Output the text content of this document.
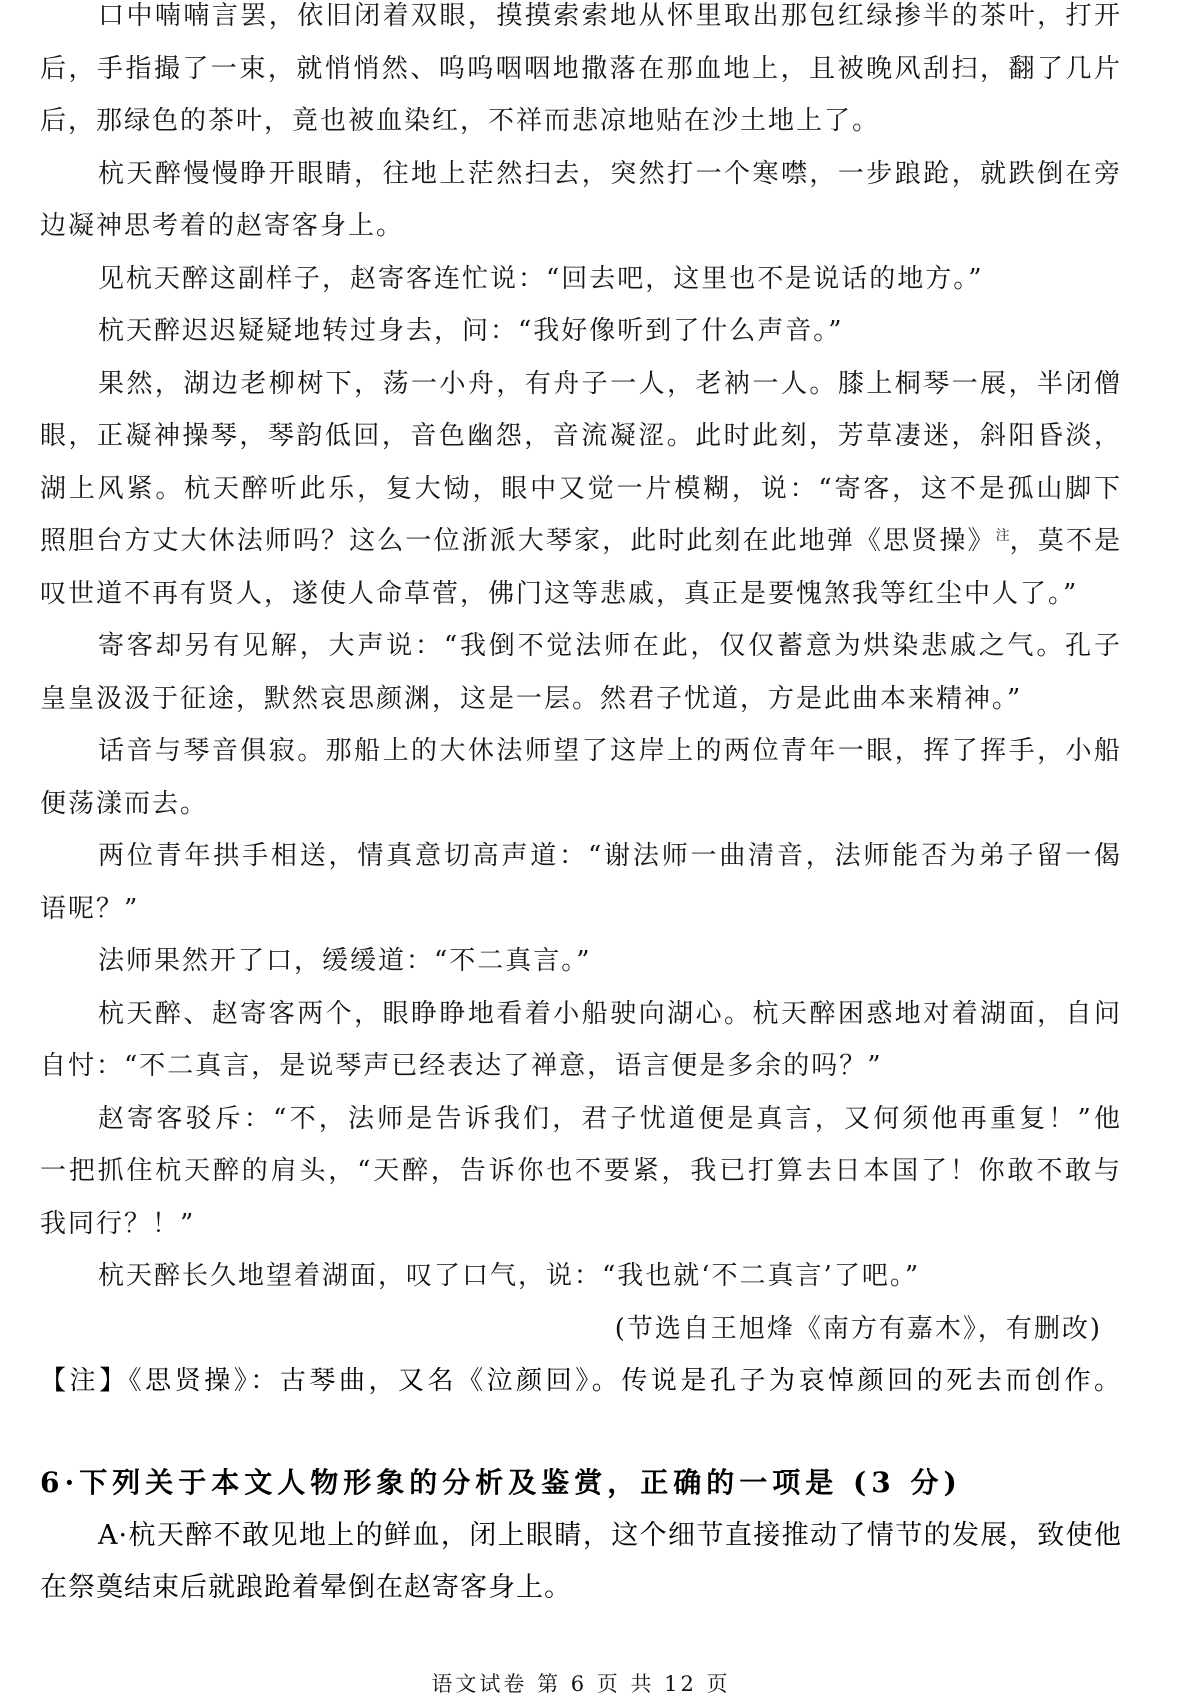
口中喃喃言罢，依旧闭着双眼，摸摸索索地从怀里取出那包红绿掺半的茶叶，打开
后，手指撮了一束，就悄悄然、呜呜咽咽地撒落在那血地上，且被晚风刮扫，翻了几片
后，那绿色的茶叶，竟也被血染红，不祥而悲凉地贴在沙土地上了。
杭天醉慢慢睁开眼睛，往地上茫然扫去，突然打一个寒噤，一步踉跄，就跌倒在旁
边凝神思考着的赵寄客身上。
见杭天醉这副样子，赵寄客连忙说：“回去吧，这里也不是说话的地方。”
杭天醉迟迟疑疑地转过身去，问：“我好像听到了什么声音。”
果然，湖边老柳树下，荡一小舟，有舟子一人，老衲一人。膝上桐琴一展，半闭僧
眼，正凝神操琴，琴韵低回，音色幽怨，音流凝涩。此时此刻，芳草凄迷，斜阳昏淡，
湖上风紧。杭天醉听此乐，复大恸，眼中又觉一片模糊，说：“寄客，这不是孤山脚下
照胆台方丈大休法师吗？这么一位浙派大琴家，此时此刻在此地弹《思贤操》$^注$，莫不是
叹世道不再有贤人，遂使人命草菅，佛门这等悲戚，真正是要愧煞我等红尘中人了。”
寄客却另有见解，大声说：“我倒不觉法师在此，仅仅蓄意为烘染悲戚之气。孔子
皇皇汲汲于征途，默然哀思颜渊，这是一层。然君子忧道，方是此曲本来精神。”
话音与琴音俱寂。那船上的大休法师望了这岸上的两位青年一眼，挥了挥手，小船
便荡漾而去。
两位青年拱手相送，情真意切高声道：“谢法师一曲清音，法师能否为弟子留一偈
语呢？”
法师果然开了口，缓缓道：“不二真言。”
杭天醉、赵寄客两个，眼睁睁地看着小船驶向湖心。杭天醉困惑地对着湖面，自问
自忖：“不二真言，是说琴声已经表达了禅意，语言便是多余的吗？”
赵寄客驳斥：“不，法师是告诉我们，君子忧道便是真言，又何须他再重复！”他
一把抓住杭天醉的肩头，“天醉，告诉你也不要紧，我已打算去日本国了！你敢不敢与
我同行？！”
杭天醉长久地望着湖面，叹了口气，说：“我也就‘不二真言’了吧。”
(节选自王旭烽《南方有嘉木》，有删改)
【注】《思贤操》：古琴曲，又名《泣颜回》。传说是孔子为哀悼颜回的死去而创作。
6·下列关于本文人物形象的分析及鉴赏，正确的一项是 (3 分)
A·杭天醉不敢见地上的鲜血，闭上眼睛，这个细节直接推动了情节的发展，致使他
在祭奠结束后就踉跄着晕倒在赵寄客身上。
语文试卷 第 6 页 共 12 页
